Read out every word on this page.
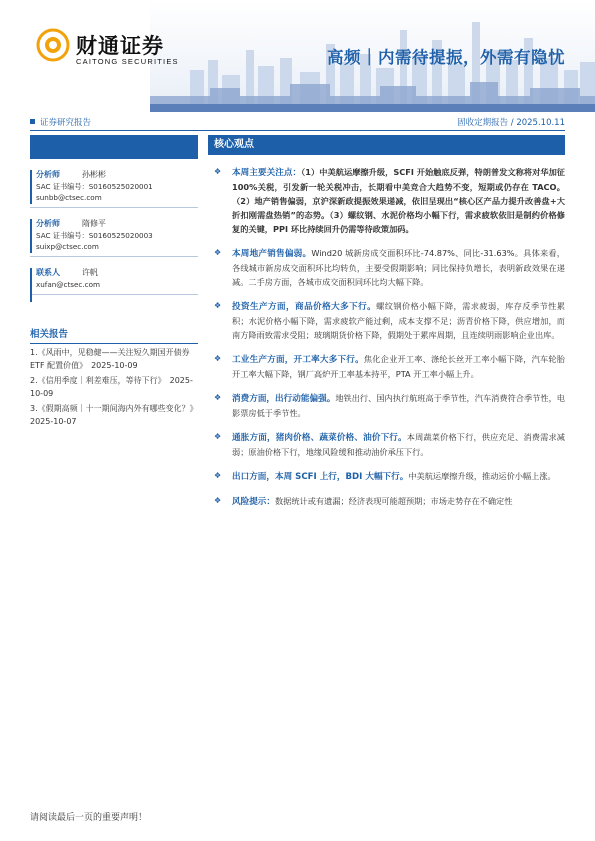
财通证券
CAITONG SECURITIES	高频｜内需待提振，外需有隐忧
证券研究报告	固收定期报告 / 2025.10.11
分析师	孙彬彬
SAC 证书编号：S0160525020001
sunbb@ctsec.com
分析师	隋修平
SAC 证书编号：S0160525020003
suixp@ctsec.com
联系人	许帆
xufan@ctsec.com
相关报告
1.《风雨中，见稳健——关注短久期国开债券 ETF 配置价值》　2025-10-09
2.《信用季度｜利差难压，等待下行》　2025-10-09
3.《假期高频｜十一期间海内外有哪些变化？》　2025-10-07
核心观点
❖ 本周主要关注点：（1）中美航运摩擦升级，SCFI 开始触底反弹，特朗普发文称将对华加征 100%关税，引发新一轮关税冲击，长期看中美竞合大趋势不变，短期或仍存在 TACO。（2）地产销售偏弱，京沪深新政提振效果递减，依旧呈现出“核心区产品力提升改善盘+大折扣刚需盘热销”的态势。（3）螺纹钢、水泥价格均小幅下行，需求疲软依旧是制约价格修复的关键，PPI 环比持续回升仍需等待政策加码。
❖ 本周地产销售偏弱。Wind20 城新房成交面积环比-74.87%、同比-31.63%。具体来看，各线城市新房成交面积环比均转负，主要受假期影响；同比保持负增长，表明新政效果在递减。二手房方面，各城市成交面积同环比均大幅下降。
❖ 投资生产方面，商品价格大多下行。螺纹钢价格小幅下降，需求疲弱，库存反季节性累积；水泥价格小幅下降，需求疲软产能过剩，成本支撑不足；沥青价格下降，供应增加，而南方降雨致需求受阻；玻璃期货价格下降，假期处于累库周期，且连续明雨影响企业出库。
❖ 工业生产方面，开工率大多下行。焦化企业开工率、涤纶长丝开工率小幅下降，汽车轮胎开工率大幅下降，钢厂高炉开工率基本持平，PTA 开工率小幅上升。
❖ 消费方面，出行动能偏强。地铁出行、国内执行航班高于季节性，汽车消费符合季节性，电影票房低于季节性。
❖ 通胀方面，猪肉价格、蔬菜价格、油价下行。本周蔬菜价格下行，供应充足、消费需求减弱；原油价格下行，地缘风险缓和推动油价承压下行。
❖ 出口方面，本周 SCFI 上行，BDI 大幅下行。中美航运摩擦升级，推动运价小幅上涨。
❖ 风险提示：数据统计或有遗漏；经济表现可能超预期；市场走势存在不确定性
请阅读最后一页的重要声明！
